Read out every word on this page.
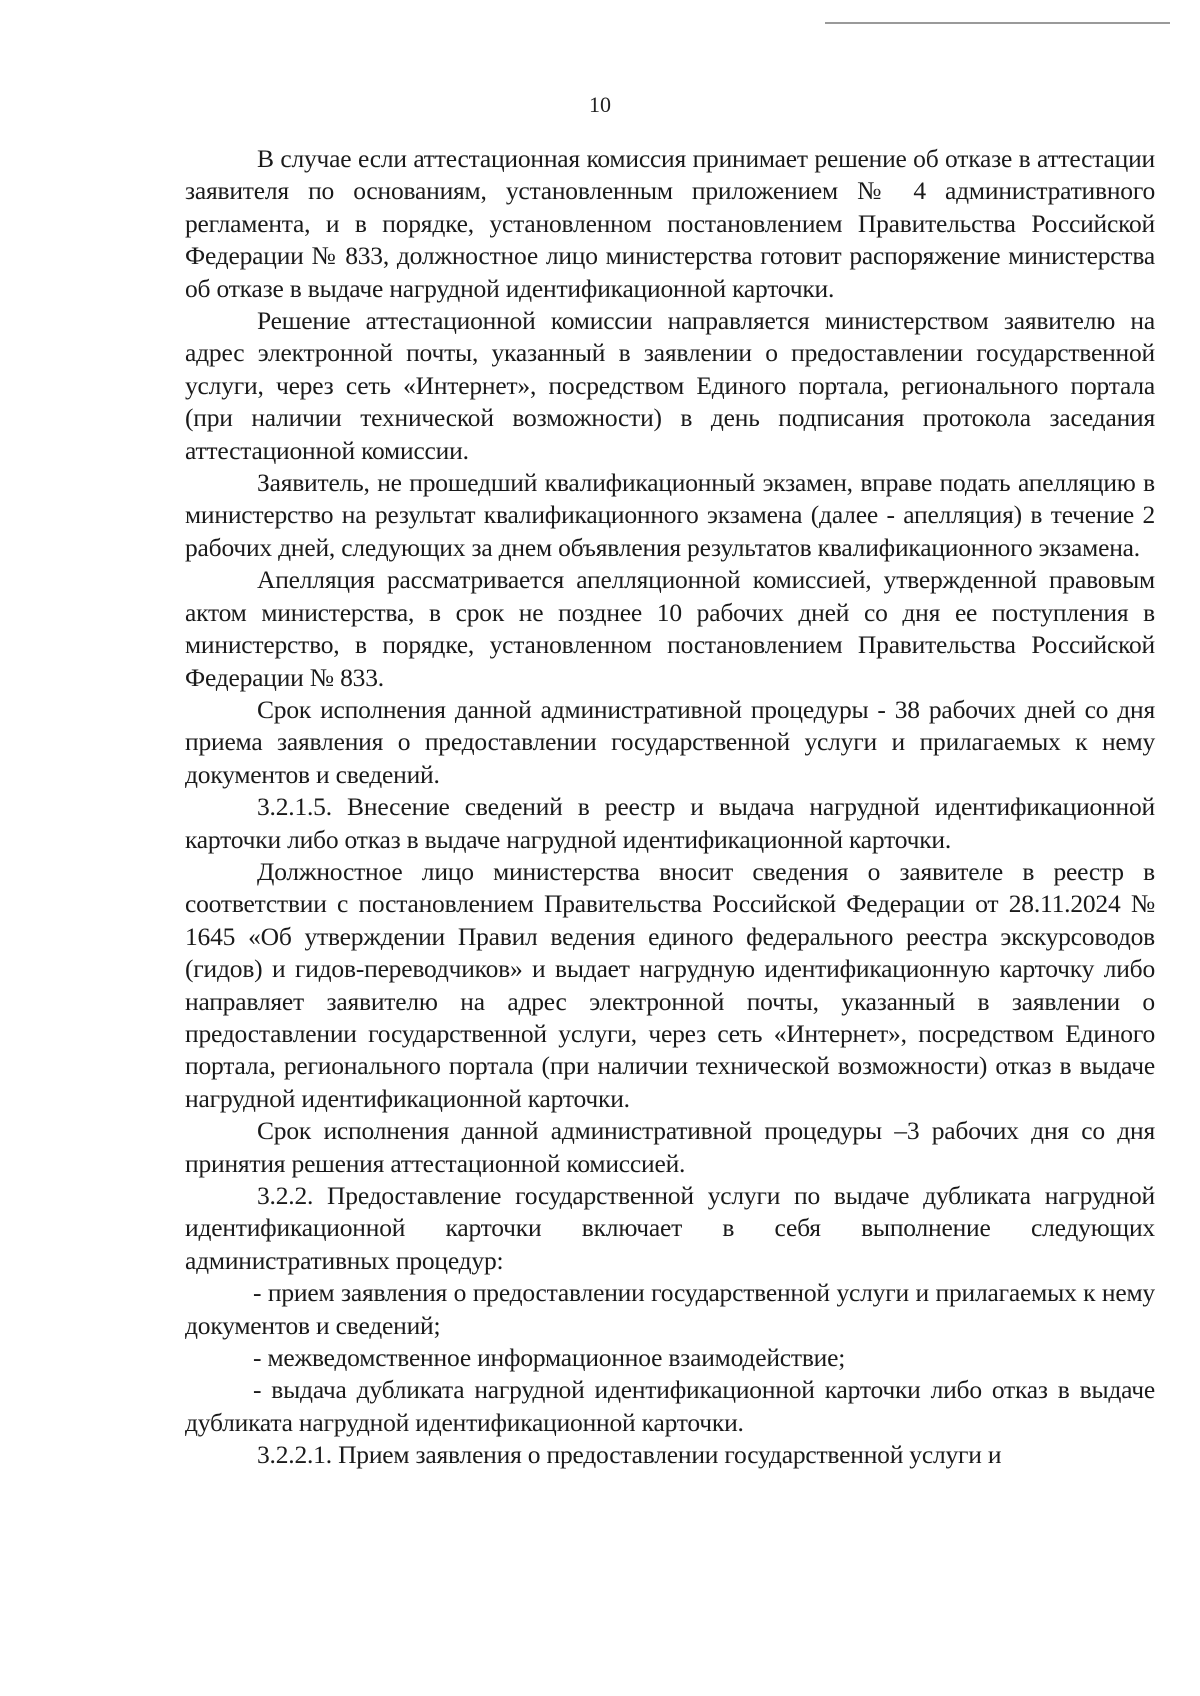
10

В случае если аттестационная комиссия принимает решение об отказе в аттестации заявителя по основаниям, установленным приложением № 4 административного регламента, и в порядке, установленном постановлением Правительства Российской Федерации № 833, должностное лицо министерства готовит распоряжение министерства об отказе в выдаче нагрудной идентификационной карточки.

Решение аттестационной комиссии направляется министерством заявителю на адрес электронной почты, указанный в заявлении о предоставлении государственной услуги, через сеть «Интернет», посредством Единого портала, регионального портала (при наличии технической возможности) в день подписания протокола заседания аттестационной комиссии.

Заявитель, не прошедший квалификационный экзамен, вправе подать апелляцию в министерство на результат квалификационного экзамена (далее - апелляция) в течение 2 рабочих дней, следующих за днем объявления результатов квалификационного экзамена.

Апелляция рассматривается апелляционной комиссией, утвержденной правовым актом министерства, в срок не позднее 10 рабочих дней со дня ее поступления в министерство, в порядке, установленном постановлением Правительства Российской Федерации № 833.

Срок исполнения данной административной процедуры - 38 рабочих дней со дня приема заявления о предоставлении государственной услуги и прилагаемых к нему документов и сведений.

3.2.1.5. Внесение сведений в реестр и выдача нагрудной идентификационной карточки либо отказ в выдаче нагрудной идентификационной карточки.

Должностное лицо министерства вносит сведения о заявителе в реестр в соответствии с постановлением Правительства Российской Федерации от 28.11.2024 № 1645 «Об утверждении Правил ведения единого федерального реестра экскурсоводов (гидов) и гидов-переводчиков» и выдает нагрудную идентификационную карточку либо направляет заявителю на адрес электронной почты, указанный в заявлении о предоставлении государственной услуги, через сеть «Интернет», посредством Единого портала, регионального портала (при наличии технической возможности) отказ в выдаче нагрудной идентификационной карточки.

Срок исполнения данной административной процедуры –3 рабочих дня со дня принятия решения аттестационной комиссией.

3.2.2. Предоставление государственной услуги по выдаче дубликата нагрудной идентификационной карточки включает в себя выполнение следующих административных процедур:

- прием заявления о предоставлении государственной услуги и прилагаемых к нему документов и сведений;

- межведомственное информационное взаимодействие;

- выдача дубликата нагрудной идентификационной карточки либо отказ в выдаче дубликата нагрудной идентификационной карточки.

3.2.2.1. Прием заявления о предоставлении государственной услуги и
